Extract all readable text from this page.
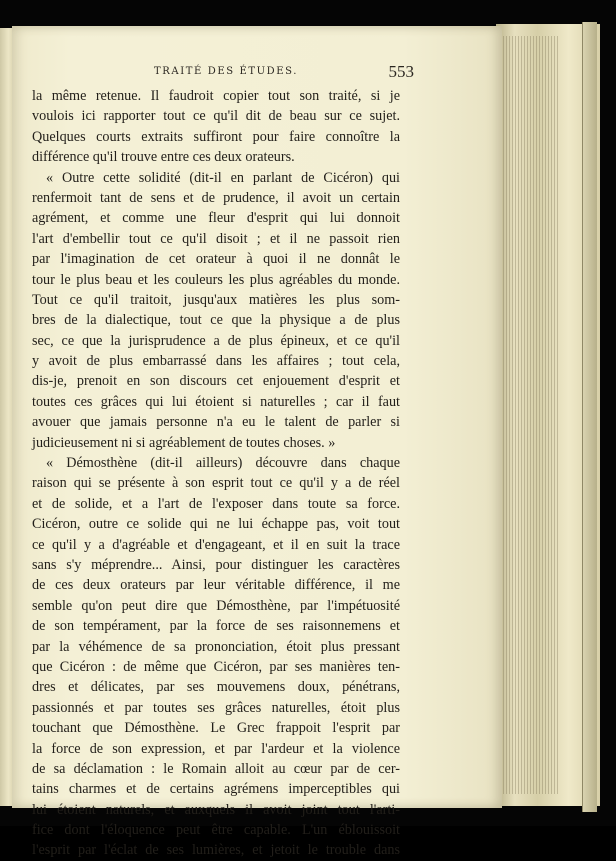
TRAITÉ DES ÉTUDES.	553
la même retenue. Il faudroit copier tout son traité, si je
voulois ici rapporter tout ce qu'il dit de beau sur ce sujet.
Quelques courts extraits suffiront pour faire connoître la
différence qu'il trouve entre ces deux orateurs.
« Outre cette solidité (dit-il en parlant de Cicéron) qui
renfermoit tant de sens et de prudence, il avoit un certain
agrément, et comme une fleur d'esprit qui lui donnoit
l'art d'embellir tout ce qu'il disoit ; et il ne passoit rien
par l'imagination de cet orateur à quoi il ne donnât le
tour le plus beau et les couleurs les plus agréables du monde.
Tout ce qu'il traitoit, jusqu'aux matières les plus som-
bres de la dialectique, tout ce que la physique a de plus
sec, ce que la jurisprudence a de plus épineux, et ce qu'il
y avoit de plus embarrassé dans les affaires ; tout cela,
dis-je, prenoit en son discours cet enjouement d'esprit et
toutes ces grâces qui lui étoient si naturelles ; car il faut
avouer que jamais personne n'a eu le talent de parler si
judicieusement ni si agréablement de toutes choses. »
« Démosthène (dit-il ailleurs) découvre dans chaque
raison qui se présente à son esprit tout ce qu'il y a de réel
et de solide, et a l'art de l'exposer dans toute sa force.
Cicéron, outre ce solide qui ne lui échappe pas, voit tout
ce qu'il y a d'agréable et d'engageant, et il en suit la trace
sans s'y méprendre... Ainsi, pour distinguer les caractères
de ces deux orateurs par leur véritable différence, il me
semble qu'on peut dire que Démosthène, par l'impétuosité
de son tempérament, par la force de ses raisonnemens et
par la véhémence de sa prononciation, étoit plus pressant
que Cicéron : de même que Cicéron, par ses manières ten-
dres et délicates, par ses mouvemens doux, pénétrans,
passionnés et par toutes ses grâces naturelles, étoit plus
touchant que Démosthène. Le Grec frappoit l'esprit par
la force de son expression, et par l'ardeur et la violence
de sa déclamation : le Romain alloit au cœur par de cer-
tains charmes et de certains agrémens imperceptibles qui
lui étoient naturels, et auxquels il avoit joint tout l'arti-
fice dont l'éloquence peut être capable. L'un éblouissoit
l'esprit par l'éclat de ses lumières, et jetoit le trouble dans
